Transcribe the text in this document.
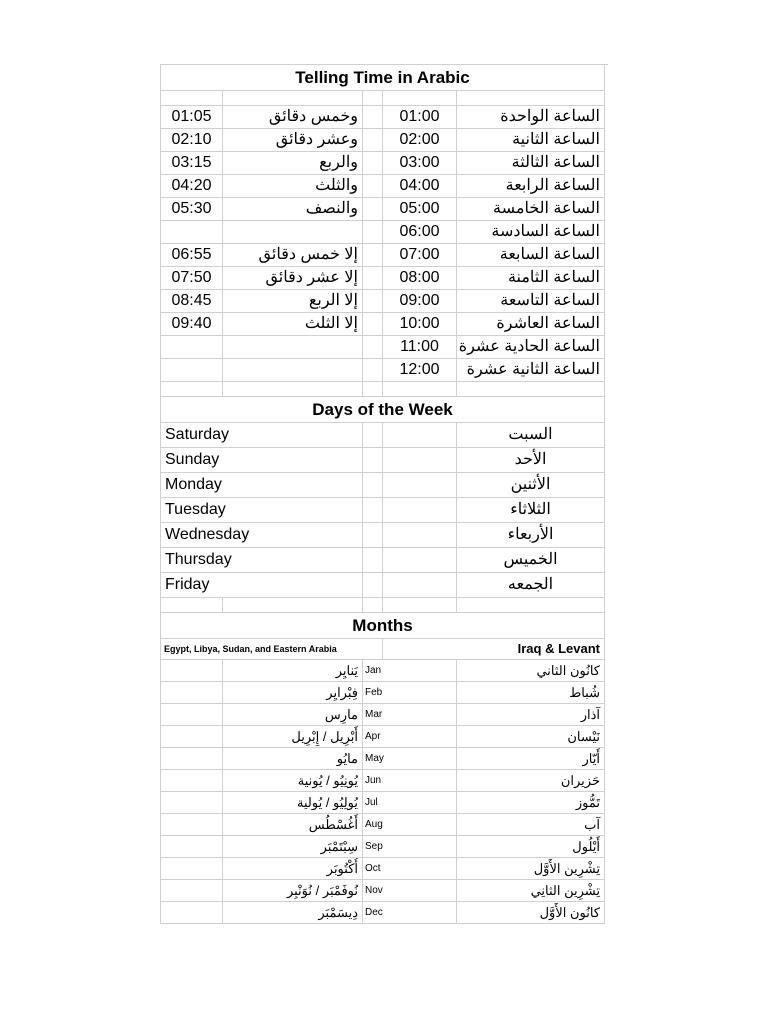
Telling Time in Arabic
01:05	وخمس دقائق	01:00	الساعة الواحدة
02:10	وعشر دقائق	02:00	الساعة الثانية
03:15	والربع	03:00	الساعة الثالثة
04:20	والثلث	04:00	الساعة الرابعة
05:30	والنصف	05:00	الساعة الخامسة
06:00	الساعة السادسة
06:55	إلا خمس دقائق	07:00	الساعة السابعة
07:50	إلا عشر دقائق	08:00	الساعة الثامنة
08:45	إلا الربع	09:00	الساعة التاسعة
09:40	إلا الثلث	10:00	الساعة العاشرة
11:00	الساعة الحادية عشرة
12:00	الساعة الثانية عشرة
Days of the Week
Saturday	السبت
Sunday	الأحد
Monday	الأثنين
Tuesday	الثلاثاء
Wednesday	الأربعاء
Thursday	الخميس
Friday	الجمعه
Months
Egypt, Libya, Sudan, and Eastern Arabia	Iraq & Levant
يَنايِر Jan	كانُون الثاني
فِبْرايِر Feb	شُباط
مارِس Mar	آذار
أَبْرِيل / إِبْرِيل Apr	نَيْسان
مايُو May	أَيّار
يُونِيُو / يُونية Jun	حَزيران
يُولِيُو / يُولية Jul	تَمُّوز
أَغُسْطُس Aug	آب
سِبْتَمْبَر Sep	أَيْلُول
أُكْتُوبَر Oct	تِشْرِين الأَوَّل
نُوفَمْبَر / نُوَنْبِر Nov	تِشْرِين الثانِي
دِيسَمْبَر Dec	كانُون الأَوَّل
